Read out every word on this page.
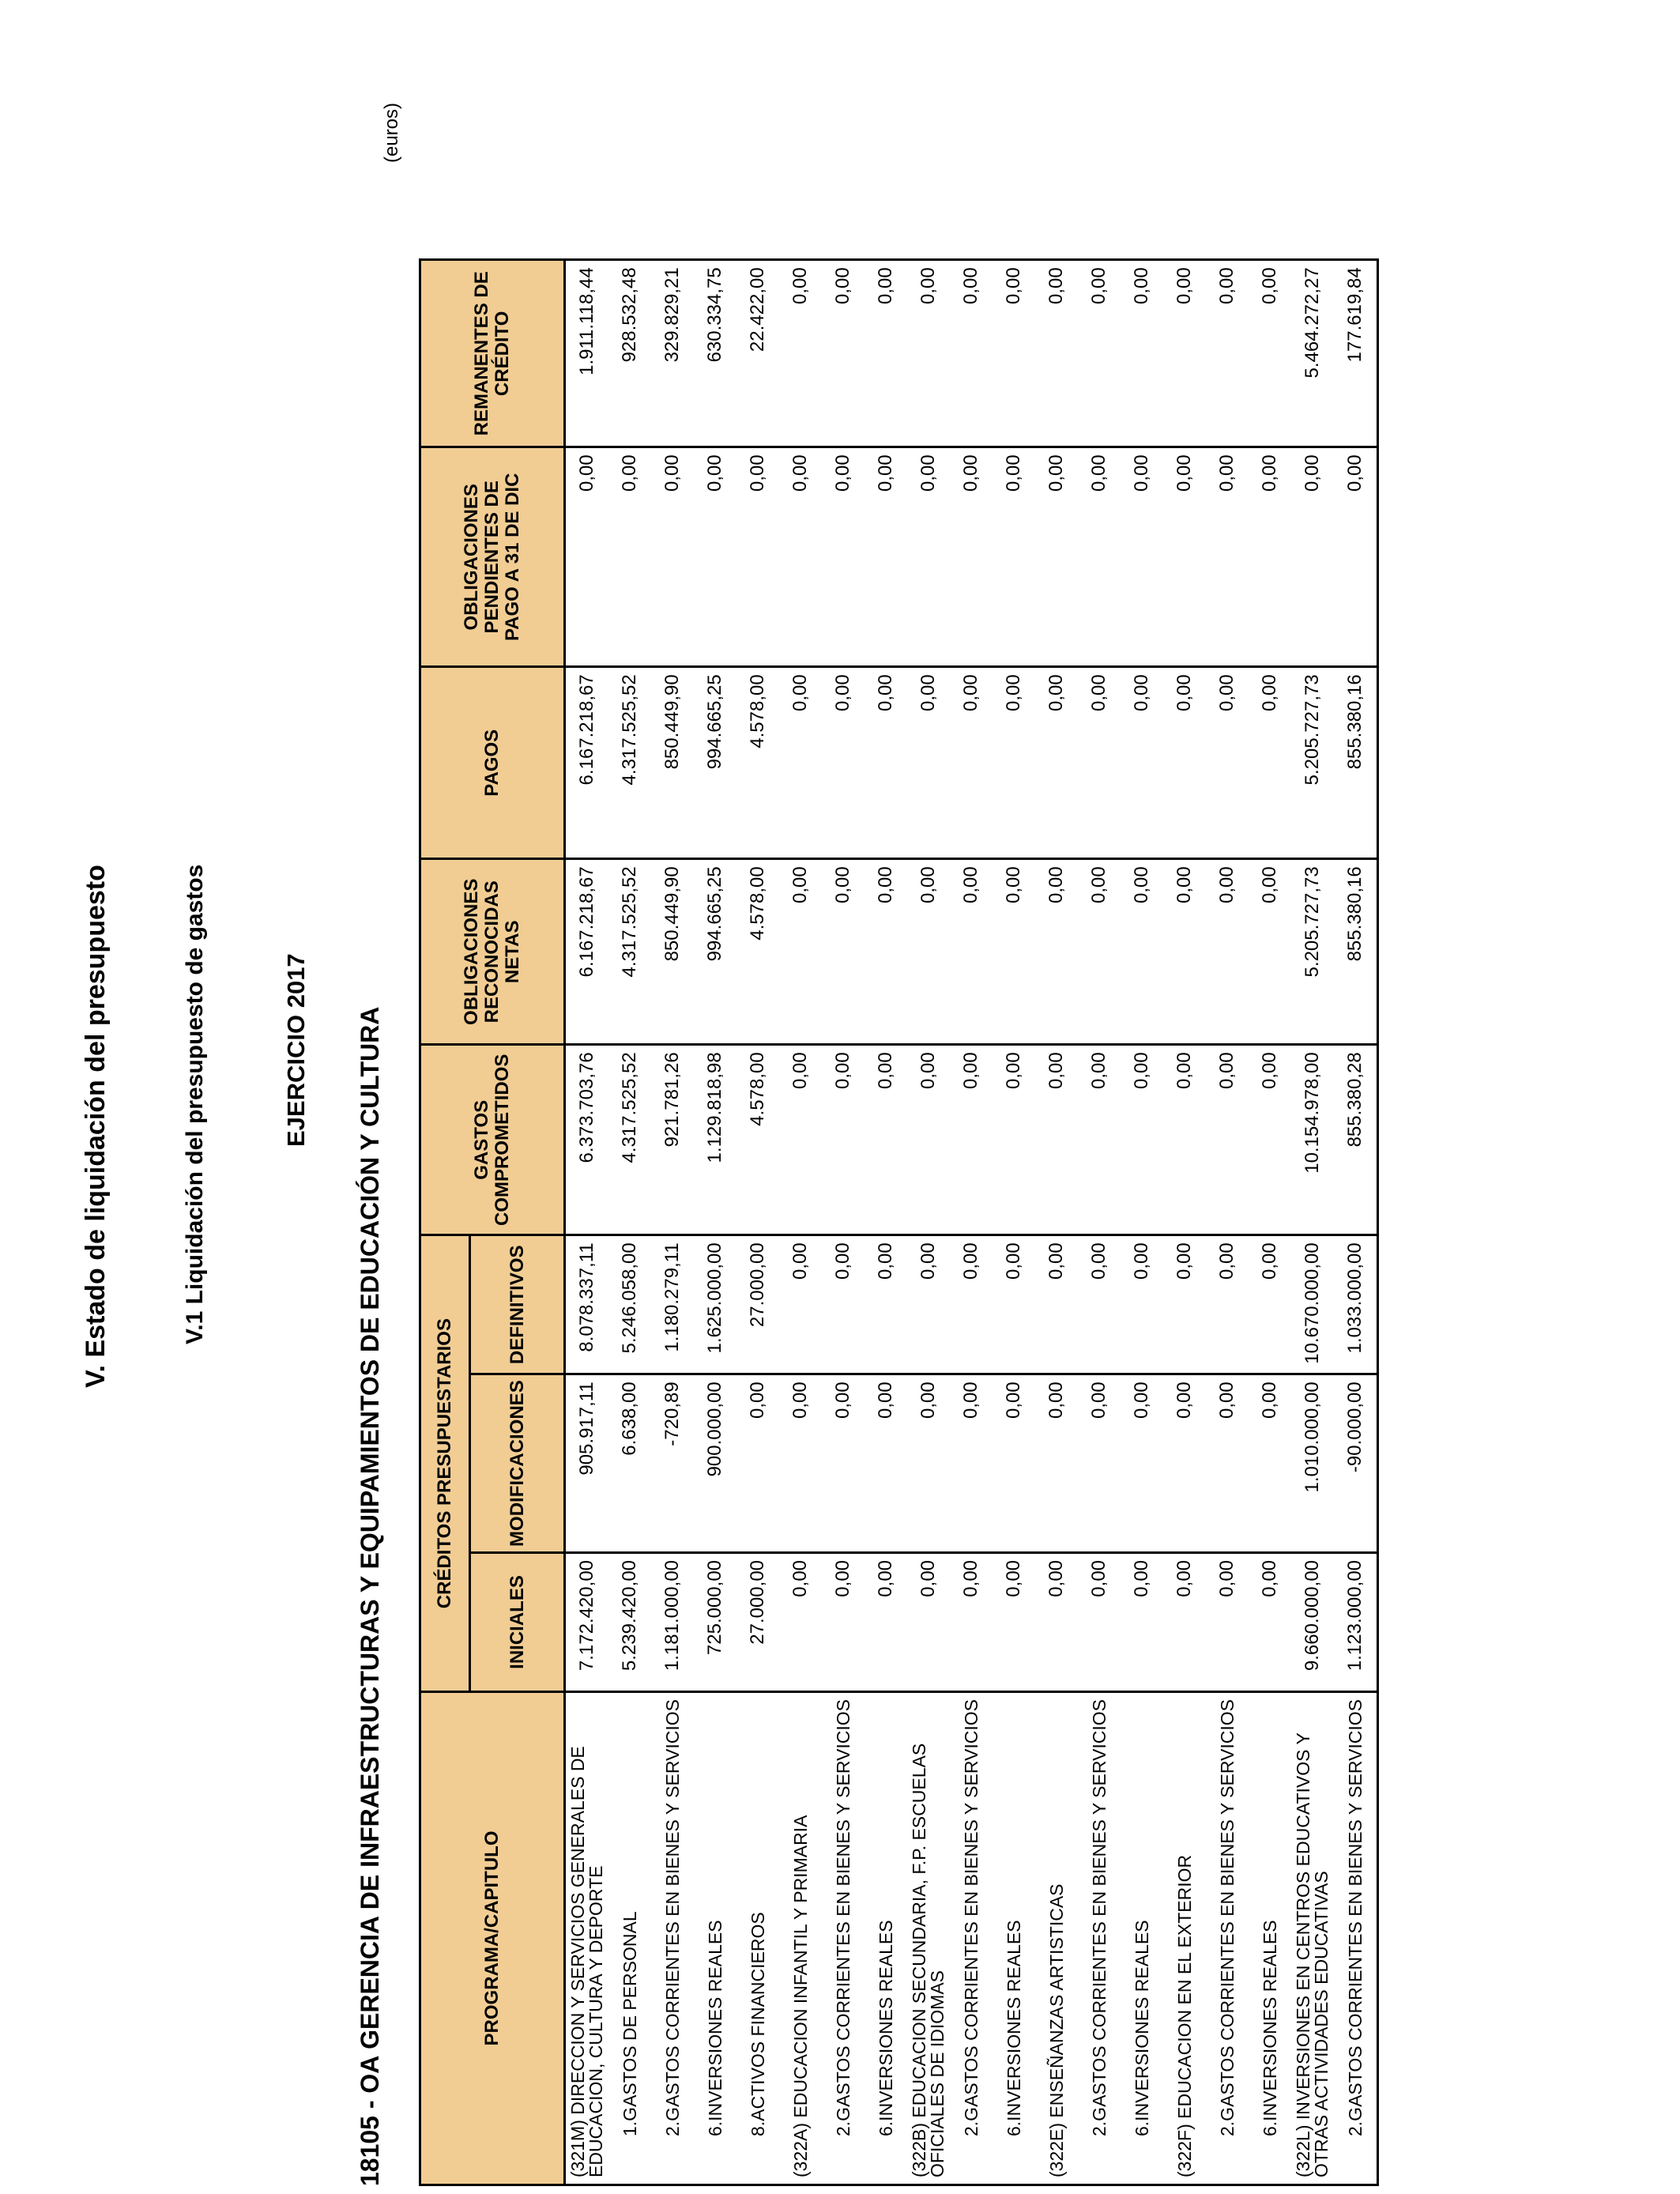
V. Estado de liquidación del presupuesto	V.1 Liquidación del presupuesto de gastos	EJERCICIO 2017 18105 - OA GERENCIA DE INFRAESTRUCTURAS Y EQUIPAMIENTOS DE EDUCACIÓN Y CULTURA
(euros)
PROGRAMA/CAPITULO	CRÉDITOS PRESUPUESTARIOS			GASTOS COMPROMETIDOS	OBLIGACIONES RECONOCIDAS NETAS	PAGOS	OBLIGACIONES PENDIENTES DE PAGO A 31 DE DIC	REMANENTES DE CRÉDITO
	INICIALES	MODIFICACIONES	DEFINITIVOS					
(321M) DIRECCION Y SERVICIOS GENERALES DE EDUCACION, CULTURA Y DEPORTE	7.172.420,00	905.917,11	8.078.337,11	6.373.703,76	6.167.218,67	6.167.218,67	0,00	1.911.118,44
1.GASTOS DE PERSONAL	5.239.420,00	6.638,00	5.246.058,00	4.317.525,52	4.317.525,52	4.317.525,52	0,00	928.532,48
2.GASTOS CORRIENTES EN BIENES Y SERVICIOS	1.181.000,00	-720,89	1.180.279,11	921.781,26	850.449,90	850.449,90	0,00	329.829,21
6.INVERSIONES REALES	725.000,00	900.000,00	1.625.000,00	1.129.818,98	994.665,25	994.665,25	0,00	630.334,75
8.ACTIVOS FINANCIEROS	27.000,00	0,00	27.000,00	4.578,00	4.578,00	4.578,00	0,00	22.422,00
(322A) EDUCACION INFANTIL Y PRIMARIA	0,00	0,00	0,00	0,00	0,00	0,00	0,00	0,00
2.GASTOS CORRIENTES EN BIENES Y SERVICIOS	0,00	0,00	0,00	0,00	0,00	0,00	0,00	0,00
6.INVERSIONES REALES	0,00	0,00	0,00	0,00	0,00	0,00	0,00	0,00
(322B) EDUCACION SECUNDARIA, F.P. ESCUELAS OFICIALES DE IDIOMAS	0,00	0,00	0,00	0,00	0,00	0,00	0,00	0,00
2.GASTOS CORRIENTES EN BIENES Y SERVICIOS	0,00	0,00	0,00	0,00	0,00	0,00	0,00	0,00
6.INVERSIONES REALES	0,00	0,00	0,00	0,00	0,00	0,00	0,00	0,00
(322E) ENSEÑANZAS ARTISTICAS	0,00	0,00	0,00	0,00	0,00	0,00	0,00	0,00
2.GASTOS CORRIENTES EN BIENES Y SERVICIOS	0,00	0,00	0,00	0,00	0,00	0,00	0,00	0,00
6.INVERSIONES REALES	0,00	0,00	0,00	0,00	0,00	0,00	0,00	0,00
(322F) EDUCACION EN EL EXTERIOR	0,00	0,00	0,00	0,00	0,00	0,00	0,00	0,00
2.GASTOS CORRIENTES EN BIENES Y SERVICIOS	0,00	0,00	0,00	0,00	0,00	0,00	0,00	0,00
6.INVERSIONES REALES	0,00	0,00	0,00	0,00	0,00	0,00	0,00	0,00
(322L) INVERSIONES EN CENTROS EDUCATIVOS Y OTRAS ACTIVIDADES EDUCATIVAS	9.660.000,00	1.010.000,00	10.670.000,00	10.154.978,00	5.205.727,73	5.205.727,73	0,00	5.464.272,27
2.GASTOS CORRIENTES EN BIENES Y SERVICIOS	1.123.000,00	-90.000,00	1.033.000,00	855.380,28	855.380,16	855.380,16	0,00	177.619,84
